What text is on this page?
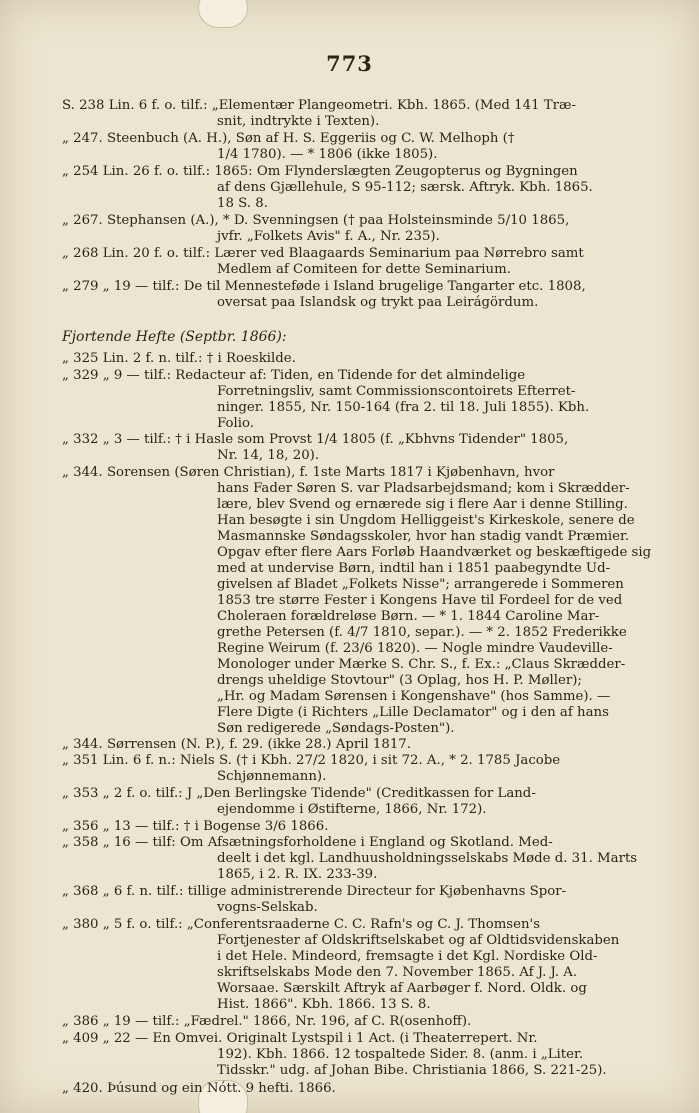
773
S. 238 Lin. 6 f. o. tilf.: „Elementær Plangeometri. Kbh. 1865. (Med 141 Træ-
snit, indtrykte i Texten).
„ 247. Steenbuch (A. H.), Søn af H. S. Eggeriis og C. W. Melhoph (†
1/4 1780). — * 1806 (ikke 1805).
„ 254 Lin. 26 f. o. tilf.: 1865: Om Flynderslægten Zeugopterus og Bygningen
af dens Gjællehule, S 95-112; særsk. Aftryk. Kbh. 1865.
18 S. 8.
„ 267. Stephansen (A.), * D. Svenningsen († paa Holsteinsminde 5/10 1865,
jvfr. „Folkets Avis" f. A., Nr. 235).
„ 268 Lin. 20 f. o. tilf.: Lærer ved Blaagaards Seminarium paa Nørrebro samt
Medlem af Comiteen for dette Seminarium.
„ 279 „ 19 — tilf.: De til Mennesteføde i Island brugelige Tangarter etc. 1808,
oversat paa Islandsk og trykt paa Leirágördum.
Fjortende Hefte (Septbr. 1866):
„ 325 Lin. 2 f. n. tilf.: † i Roeskilde.
„ 329 „ 9 — tilf.: Redacteur af: Tiden, en Tidende for det almindelige
Forretningsliv, samt Commissionscontoirets Efterret-
ninger. 1855, Nr. 150-164 (fra 2. til 18. Juli 1855). Kbh.
Folio.
„ 332 „ 3 — tilf.: † i Hasle som Provst 1/4 1805 (f. „Kbhvns Tidender" 1805,
Nr. 14, 18, 20).
„ 344. Sorensen (Søren Christian), f. 1ste Marts 1817 i Kjøbenhavn, hvor
hans Fader Søren S. var Pladsarbejdsmand; kom i Skrædder-
lære, blev Svend og ernærede sig i flere Aar i denne Stilling.
Han besøgte i sin Ungdom Helliggeist's Kirkeskole, senere de
Masmannske Søndagsskoler, hvor han stadig vandt Præmier.
Opgav efter flere Aars Forløb Haandværket og beskæftigede sig
med at undervise Børn, indtil han i 1851 paabegyndte Ud-
givelsen af Bladet „Folkets Nisse"; arrangerede i Sommeren
1853 tre større Fester i Kongens Have til Fordeel for de ved
Choleraen forældreløse Børn. — * 1. 1844 Caroline Mar-
grethe Petersen (f. 4/7 1810, separ.). — * 2. 1852 Frederikke
Regine Weirum (f. 23/6 1820). — Nogle mindre Vaudeville-
Monologer under Mærke S. Chr. S., f. Ex.: „Claus Skrædder-
drengs uheldige Stovtour" (3 Oplag, hos H. P. Møller);
„Hr. og Madam Sørensen i Kongenshave" (hos Samme). —
Flere Digte (i Richters „Lille Declamator" og i den af hans
Søn redigerede „Søndags-Posten").
„ 344. Sørrensen (N. P.), f. 29. (ikke 28.) April 1817.
„ 351 Lin. 6 f. n.: Niels S. († i Kbh. 27/2 1820, i sit 72. A., * 2. 1785 Jacobe
Schjønnemann).
„ 353 „ 2 f. o. tilf.: J „Den Berlingske Tidende" (Creditkassen for Land-
ejendomme i Østifterne, 1866, Nr. 172).
„ 356 „ 13 — tilf.: † i Bogense 3/6 1866.
„ 358 „ 16 — tilf: Om Afsætningsforholdene i England og Skotland. Med-
deelt i det kgl. Landhuusholdningsselskabs Møde d. 31. Marts
1865, i 2. R. IX. 233-39.
„ 368 „ 6 f. n. tilf.: tillige administrerende Directeur for Kjøbenhavns Spor-
vogns-Selskab.
„ 380 „ 5 f. o. tilf.: „Conferentsraaderne C. C. Rafn's og C. J. Thomsen's
Fortjenester af Oldskriftselskabet og af Oldtidsvidenskaben
i det Hele. Mindeord, fremsagte i det Kgl. Nordiske Old-
skriftselskabs Mode den 7. November 1865. Af J. J. A.
Worsaae. Særskilt Aftryk af Aarbøger f. Nord. Oldk. og
Hist. 1866". Kbh. 1866. 13 S. 8.
„ 386 „ 19 — tilf.: „Fædrel." 1866, Nr. 196, af C. R(osenhoff).
„ 409 „ 22 — En Omvei. Originalt Lystspil i 1 Act. (i Theaterrepert. Nr.
192). Kbh. 1866. 12 tospaltede Sider. 8. (anm. i „Liter.
Tidsskr." udg. af Johan Bibe. Christiania 1866, S. 221-25).
„ 420. Þúsund og ein Nótt. 9 hefti. 1866.
